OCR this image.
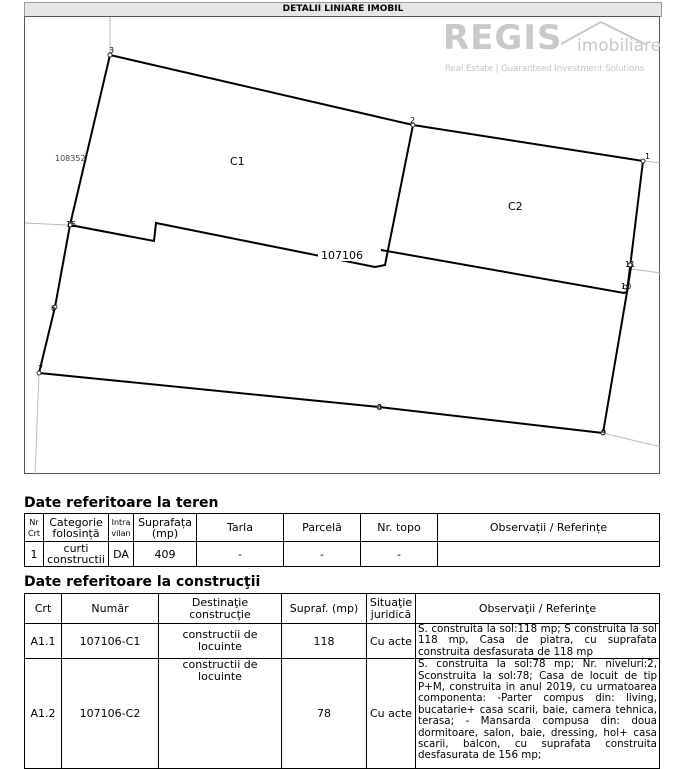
DETALII LINIARE IMOBIL
1
2
3
15
6
7
8
9
10
11
C1
C2
107106
108352
REGIS imobiliare
Real Estate | Guaranteed Investment Solutions
Date referitoare la teren
Nr Crt	Categorie folosință	Intra vilan	Suprafața (mp)	Tarla	Parcelă	Nr. topo	Observații / Referințe
1	curti constructii	DA	409	-	-	-	
Date referitoare la construcţii
Crt	Număr	Destinaţie construcţie	Supraf. (mp)	Situaţie juridică	Observaţii / Referinţe
A1.1	107106-C1	constructii de locuinte	118	Cu acte	S. construita la sol:118 mp; S construita la sol 118 mp, Casa de piatra, cu suprafata construita desfasurata de 118 mp
A1.2	107106-C2	constructii de locuinte	78	Cu acte	S. construita la sol:78 mp; Nr. niveluri:2, Sconstruita la sol:78; Casa de locuit de tip P+M, construita in anul 2019, cu urmatoarea componenta: -Parter compus din: living, bucatarie+ casa scarii, baie, camera tehnica, terasa; - Mansarda compusa din: doua dormitoare, salon, baie, dressing, hol+ casa scarii, balcon, cu suprafata construita desfasurata de 156 mp;
